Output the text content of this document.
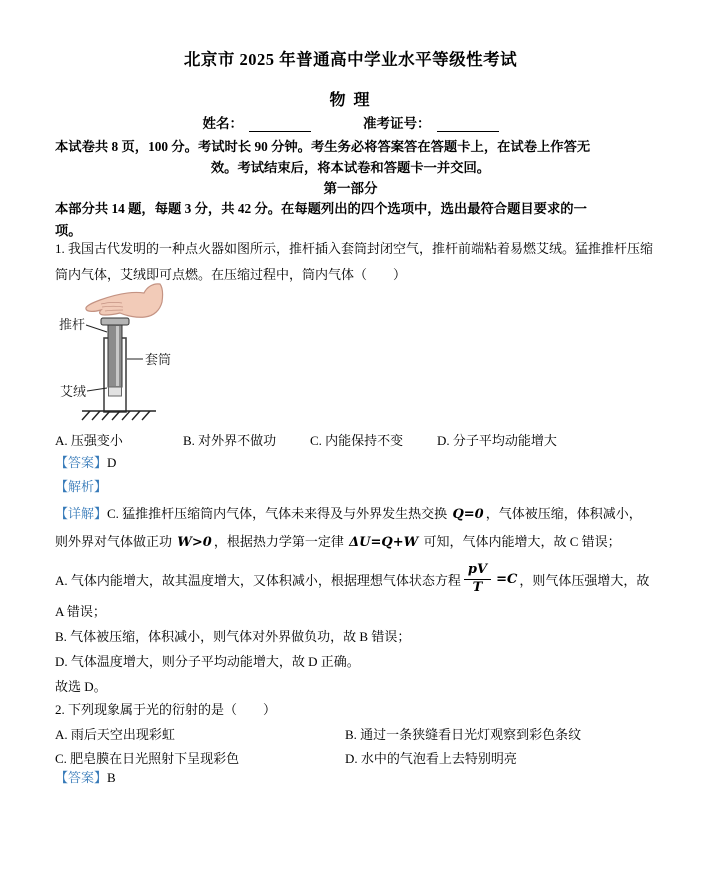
北京市 2025 年普通高中学业水平等级性考试
物 理
姓名：	准考证号：
本试卷共 8 页，100 分。考试时长 90 分钟。考生务必将答案答在答题卡上，在试卷上作答无
效。考试结束后，将本试卷和答题卡一并交回。
第一部分
本部分共 14 题，每题 3 分，共 42 分。在每题列出的四个选项中，选出最符合题目要求的一
项。
1. 我国古代发明的一种点火器如图所示，推杆插入套筒封闭空气，推杆前端粘着易燃艾绒。猛推推杆压缩
筒内气体，艾绒即可点燃。在压缩过程中，筒内气体（　　）
推杆
套筒
艾绒
A. 压强变小	B. 对外界不做功	C. 内能保持不变	D. 分子平均动能增大
【答案】D
【解析】
【详解】C. 猛推推杆压缩筒内气体，气体未来得及与外界发生热交换 Q=0 ，气体被压缩，体积减小，
则外界对气体做正功 W>0 ，根据热力学第一定律 ΔU=Q+W 可知，气体内能增大，故 C 错误；
A. 气体内能增大，故其温度增大，又体积减小，根据理想气体状态方程 $\frac{pV}{T} =C$ ，则气体压强增大，故
A 错误；
B. 气体被压缩，体积减小，则气体对外界做负功，故 B 错误；
D. 气体温度增大，则分子平均动能增大，故 D 正确。
故选 D。
2. 下列现象属于光的衍射的是（　　）
A. 雨后天空出现彩虹	B. 通过一条狭缝看日光灯观察到彩色条纹
C. 肥皂膜在日光照射下呈现彩色	D. 水中的气泡看上去特别明亮
【答案】B
